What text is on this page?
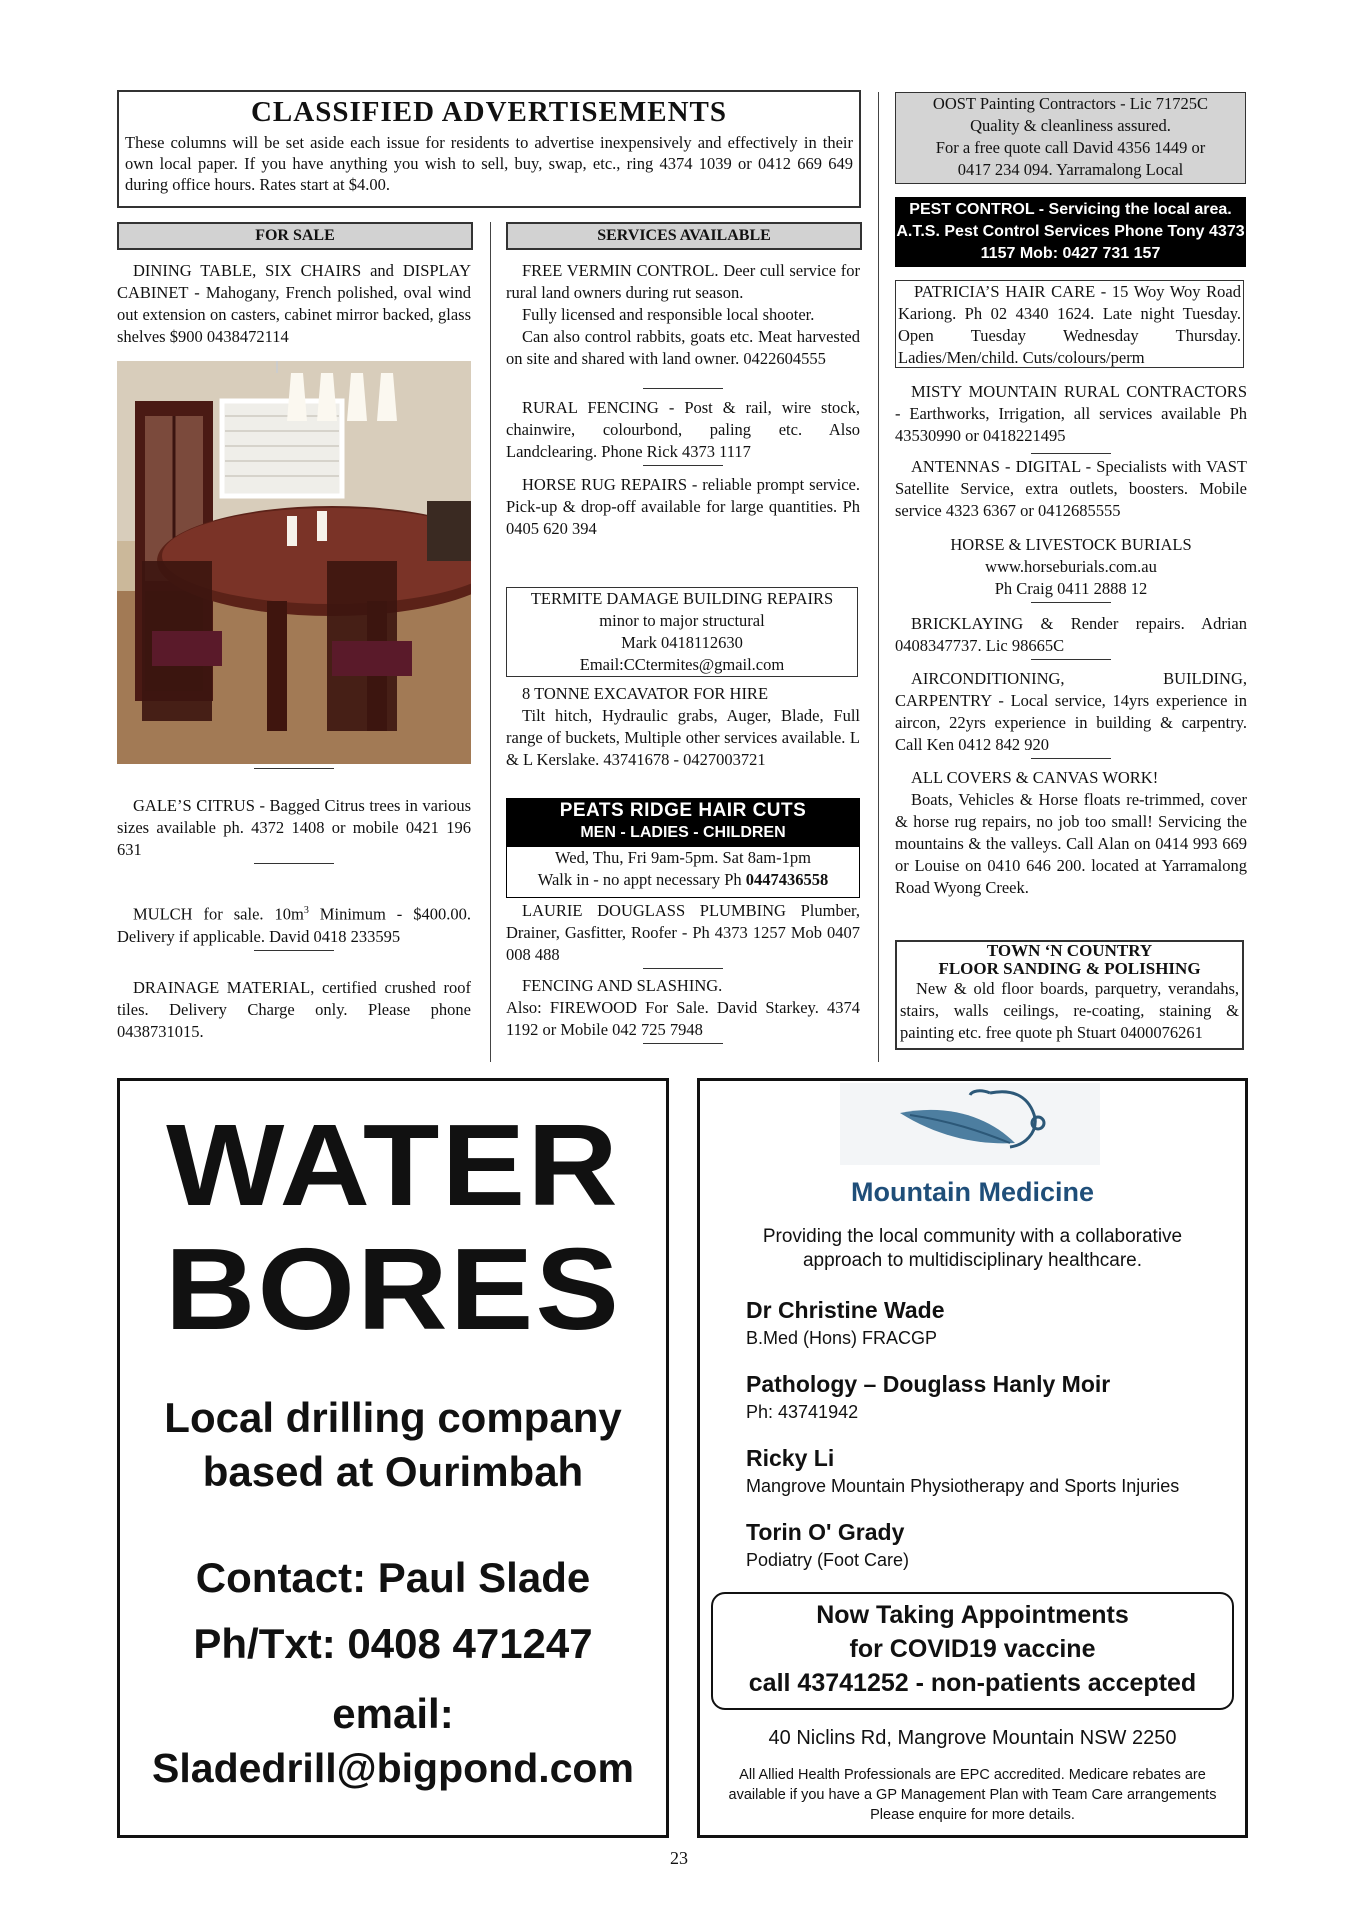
CLASSIFIED ADVERTISEMENTS
These columns will be set aside each issue for residents to advertise inexpensively and effectively in their own local paper. If you have anything you wish to sell, buy, swap, etc., ring 4374 1039 or 0412 669 649 during office hours. Rates start at $4.00.
FOR SALE

DINING TABLE, SIX CHAIRS and DISPLAY CABINET - Mahogany, French polished, oval wind out extension on casters, cabinet mirror backed, glass shelves $900 0438472114

GALE’S CITRUS - Bagged Citrus trees in various sizes available ph. 4372 1408 or mobile 0421 196 631

MULCH for sale. $10m^3$ Minimum - $400.00. Delivery if applicable. David 0418 233595

DRAINAGE MATERIAL, certified crushed roof tiles. Delivery Charge only. Please phone 0438731015.

SERVICES AVAILABLE

FREE VERMIN CONTROL. Deer cull service for rural land owners during rut season.

Fully licensed and responsible local shooter.

Can also control rabbits, goats etc. Meat harvested on site and shared with land owner. 0422604555

RURAL FENCING - Post & rail, wire stock, chainwire, colourbond, paling etc. Also Landclearing. Phone Rick 4373 1117

HORSE RUG REPAIRS - reliable prompt service. Pick-up & drop-off available for large quantities. Ph 0405 620 394

TERMITE DAMAGE BUILDING REPAIRS

minor to major structural

Mark 0418112630

Email:CCtermites@gmail.com

8 TONNE EXCAVATOR FOR HIRE

Tilt hitch, Hydraulic grabs, Auger, Blade, Full range of buckets, Multiple other services available. L & L Kerslake. 43741678 - 0427003721

PEATS RIDGE HAIR CUTS
MEN - LADIES - CHILDREN
Wed, Thu, Fri 9am-5pm. Sat 8am-1pm
Walk in - no appt necessary Ph 0447436558

LAURIE DOUGLASS PLUMBING Plumber, Drainer, Gasfitter, Roofer - Ph 4373 1257 Mob 0407 008 488

FENCING AND SLASHING.

Also: FIREWOOD For Sale. David Starkey. 4374 1192 or Mobile 042 725 7948

OOST Painting Contractors - Lic 71725C

Quality & cleanliness assured.

For a free quote call David 4356 1449 or

0417 234 094. Yarramalong Local

PEST CONTROL - Servicing the local area. A.T.S. Pest Control Services Phone Tony 4373 1157 Mob: 0427 731 157
PATRICIA’S HAIR CARE - 15 Woy Woy Road Kariong. Ph 02 4340 1624. Late night Tuesday. Open Tuesday Wednesday Thursday. Ladies/Men/child. Cuts/colours/perm

MISTY MOUNTAIN RURAL CONTRACTORS - Earthworks, Irrigation, all services available Ph 43530990 or 0418221495

ANTENNAS - DIGITAL - Specialists with VAST Satellite Service, extra outlets, boosters. Mobile service 4323 6367 or 0412685555

HORSE & LIVESTOCK BURIALS

www.horseburials.com.au

Ph Craig 0411 2888 12

BRICKLAYING & Render repairs. Adrian 0408347737. Lic 98665C

AIRCONDITIONING, BUILDING, CARPENTRY - Local service, 14yrs experience in aircon, 22yrs experience in building & carpentry. Call Ken 0412 842 920

ALL COVERS & CANVAS WORK!

Boats, Vehicles & Horse floats re-trimmed, cover & horse rug repairs, no job too small! Servicing the mountains & the valleys. Call Alan on 0414 993 669 or Louise on 0410 646 200. located at Yarramalong Road Wyong Creek.

TOWN ‘N COUNTRY
FLOOR SANDING & POLISHING
New & old floor boards, parquetry, verandahs, stairs, walls ceilings, re-coating, staining & painting etc. free quote ph Stuart 0400076261
WATER
BORES
Local drilling company
based at Ourimbah
Contact: Paul Slade
Ph/Txt: 0408 471247
email:
Sladedrill@bigpond.com
Mountain Medicine
Providing the local community with a collaborative
approach to multidisciplinary healthcare.
Dr Christine Wade
B.Med (Hons) FRACGP
Pathology – Douglass Hanly Moir
Ph: 43741942
Ricky Li
Mangrove Mountain Physiotherapy and Sports Injuries
Torin O' Grady
Podiatry (Foot Care)
Now Taking Appointments
for COVID19 vaccine
call 43741252 - non-patients accepted
40 Niclins Rd, Mangrove Mountain NSW 2250
All Allied Health Professionals are EPC accredited. Medicare rebates are
available if you have a GP Management Plan with Team Care arrangements
Please enquire for more details.
23
